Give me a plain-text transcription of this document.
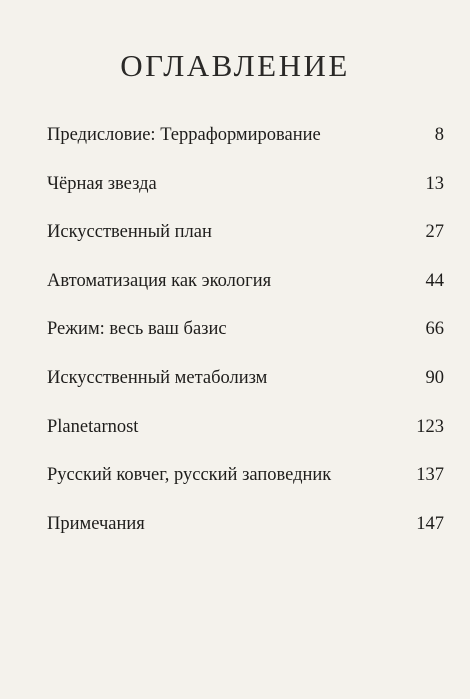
ОГЛАВЛЕНИЕ
Предисловие: Терраформирование	8
Чёрная звезда	13
Искусственный план	27
Автоматизация как экология	44
Режим: весь ваш базис	66
Искусственный метаболизм	90
Planetarnost	123
Русский ковчег, русский заповедник	137
Примечания	147
